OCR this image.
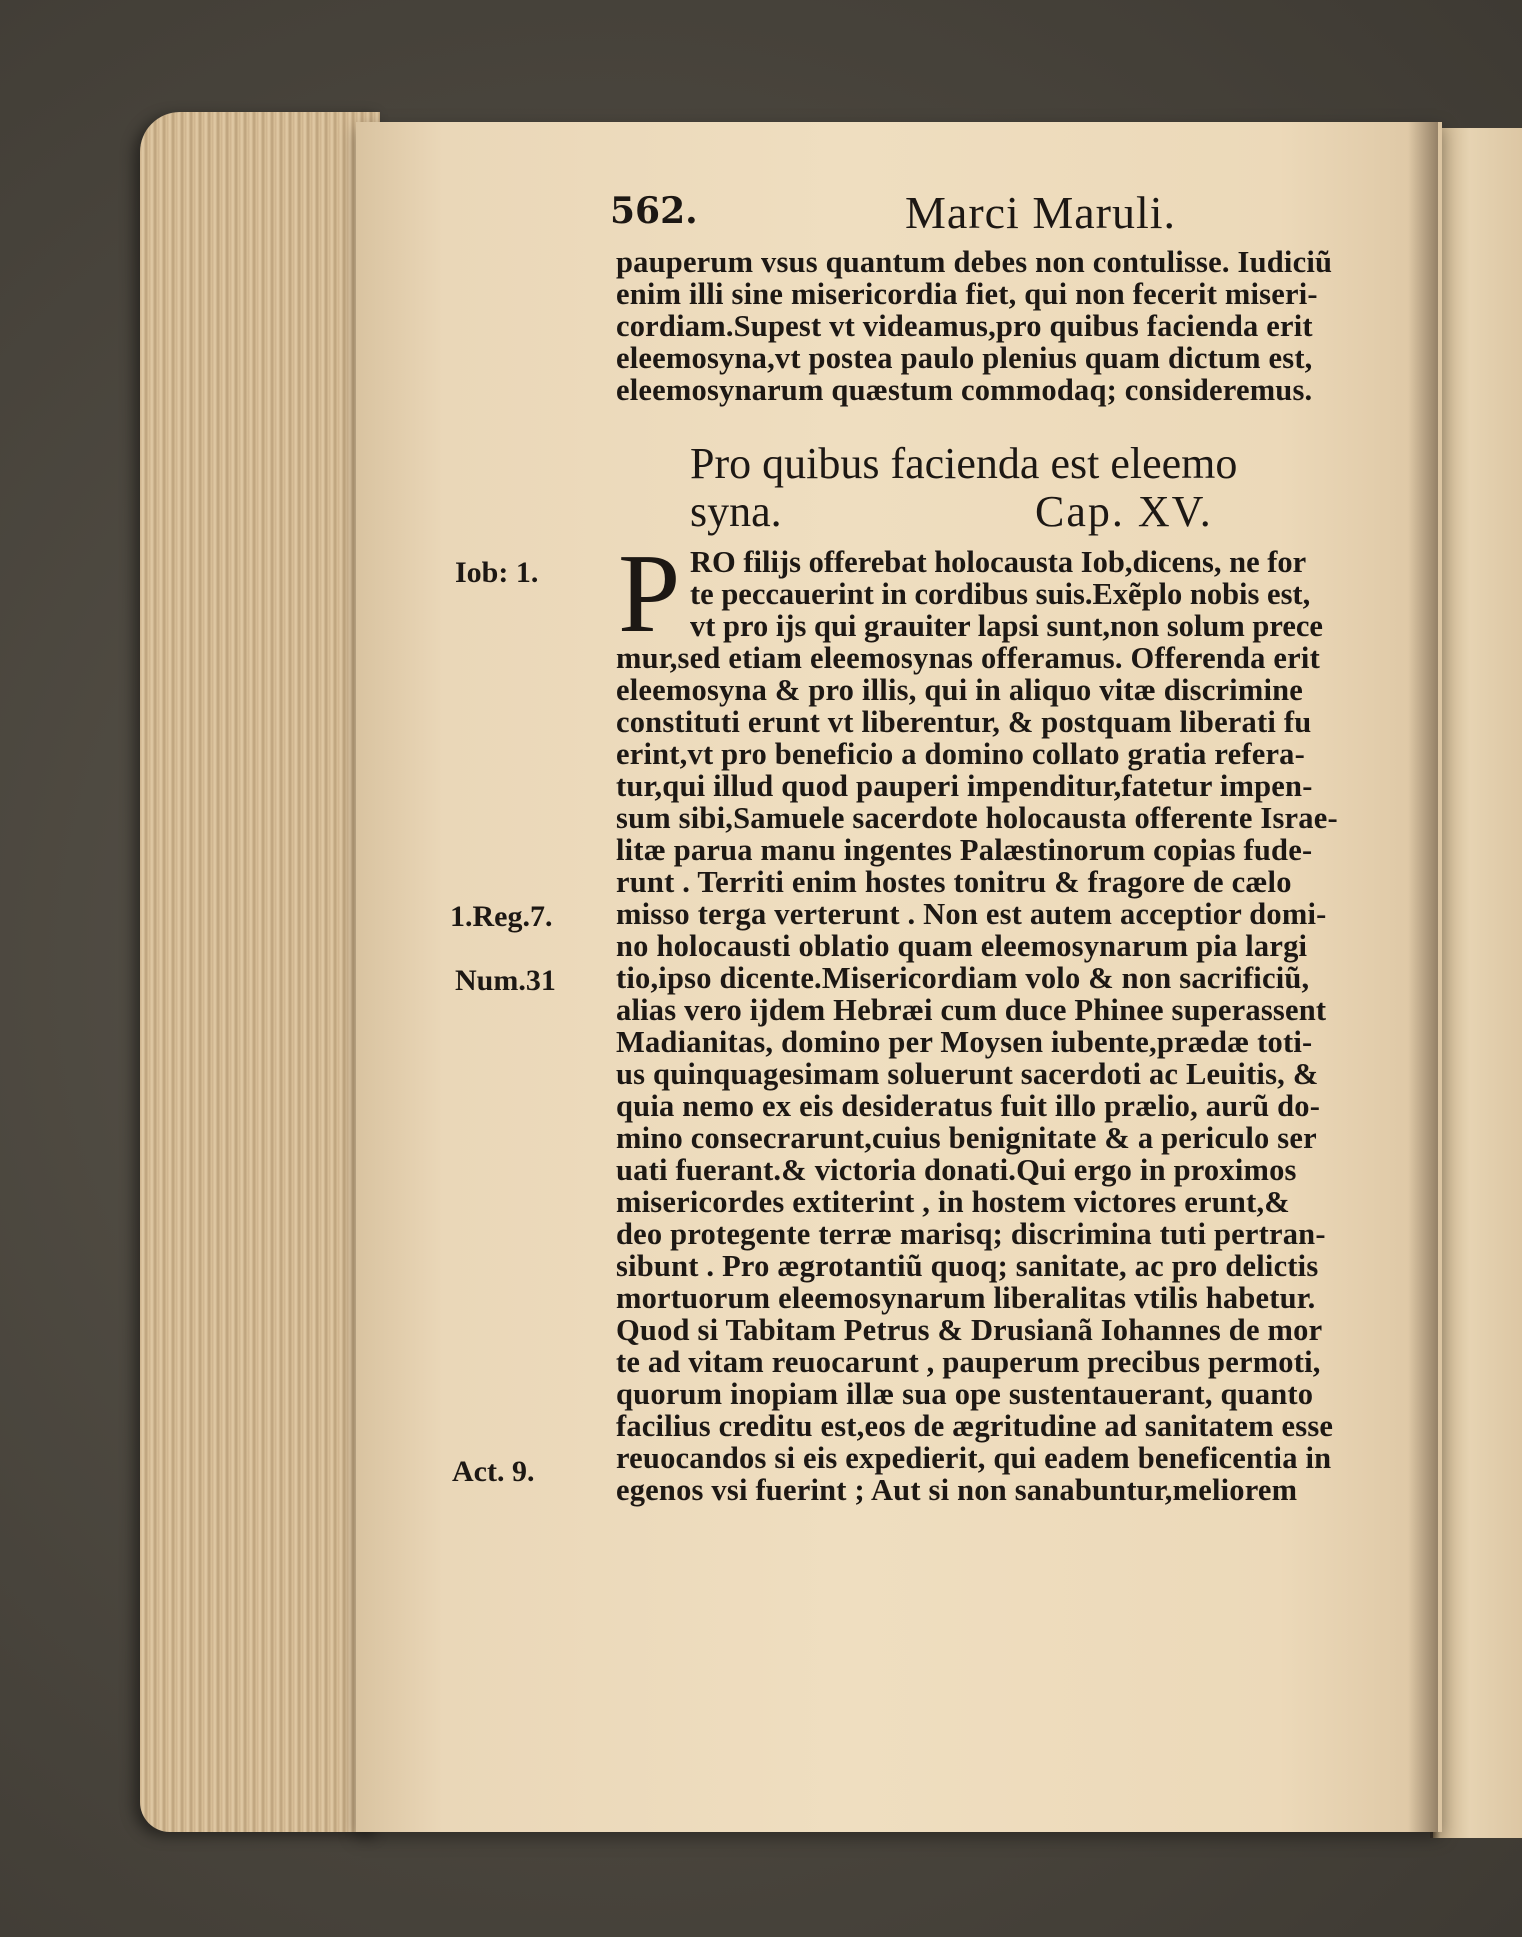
562.	Marci Maruli.
pauperum vsus quantum debes non contulisse. Iudiciũ
enim illi sine misericordia fiet, qui non fecerit miseri-
cordiam.Supest vt videamus,pro quibus facienda erit
eleemosyna,vt postea paulo plenius quam dictum est,
eleemosynarum quæstum commodaq; consideremus.
Pro quibus facienda est eleemo
syna.	Cap. XV.
P RO filijs offerebat holocausta Iob,dicens, ne for
te peccauerint in cordibus suis.Exẽplo nobis est,
vt pro ijs qui grauiter lapsi sunt,non solum prece
mur,sed etiam eleemosynas offeramus. Offerenda erit
eleemosyna & pro illis, qui in aliquo vitæ discrimine
constituti erunt vt liberentur, & postquam liberati fu
erint,vt pro beneficio a domino collato gratia refera-
tur,qui illud quod pauperi impenditur,fatetur impen-
sum sibi,Samuele sacerdote holocausta offerente Israe-
litæ parua manu ingentes Palæstinorum copias fude-
runt . Territi enim hostes tonitru & fragore de cælo
misso terga verterunt . Non est autem acceptior domi-
no holocausti oblatio quam eleemosynarum pia largi
tio,ipso dicente.Misericordiam volo & non sacrificiũ,
alias vero ijdem Hebræi cum duce Phinee superassent
Madianitas, domino per Moysen iubente,prædæ toti-
us quinquagesimam soluerunt sacerdoti ac Leuitis, &
quia nemo ex eis desideratus fuit illo prælio, aurũ do-
mino consecrarunt,cuius benignitate & a periculo ser
uati fuerant.& victoria donati.Qui ergo in proximos
misericordes extiterint , in hostem victores erunt,&
deo protegente terræ marisq; discrimina tuti pertran-
sibunt . Pro ægrotantiũ quoq; sanitate, ac pro delictis
mortuorum eleemosynarum liberalitas vtilis habetur.
Quod si Tabitam Petrus & Drusianã Iohannes de mor
te ad vitam reuocarunt , pauperum precibus permoti,
quorum inopiam illæ sua ope sustentauerant, quanto
facilius creditu est,eos de ægritudine ad sanitatem esse
reuocandos si eis expedierit, qui eadem beneficentia in
egenos vsi fuerint ; Aut si non sanabuntur,meliorem
Iob: 1.
1.Reg.7.
Num.31
Act. 9.
